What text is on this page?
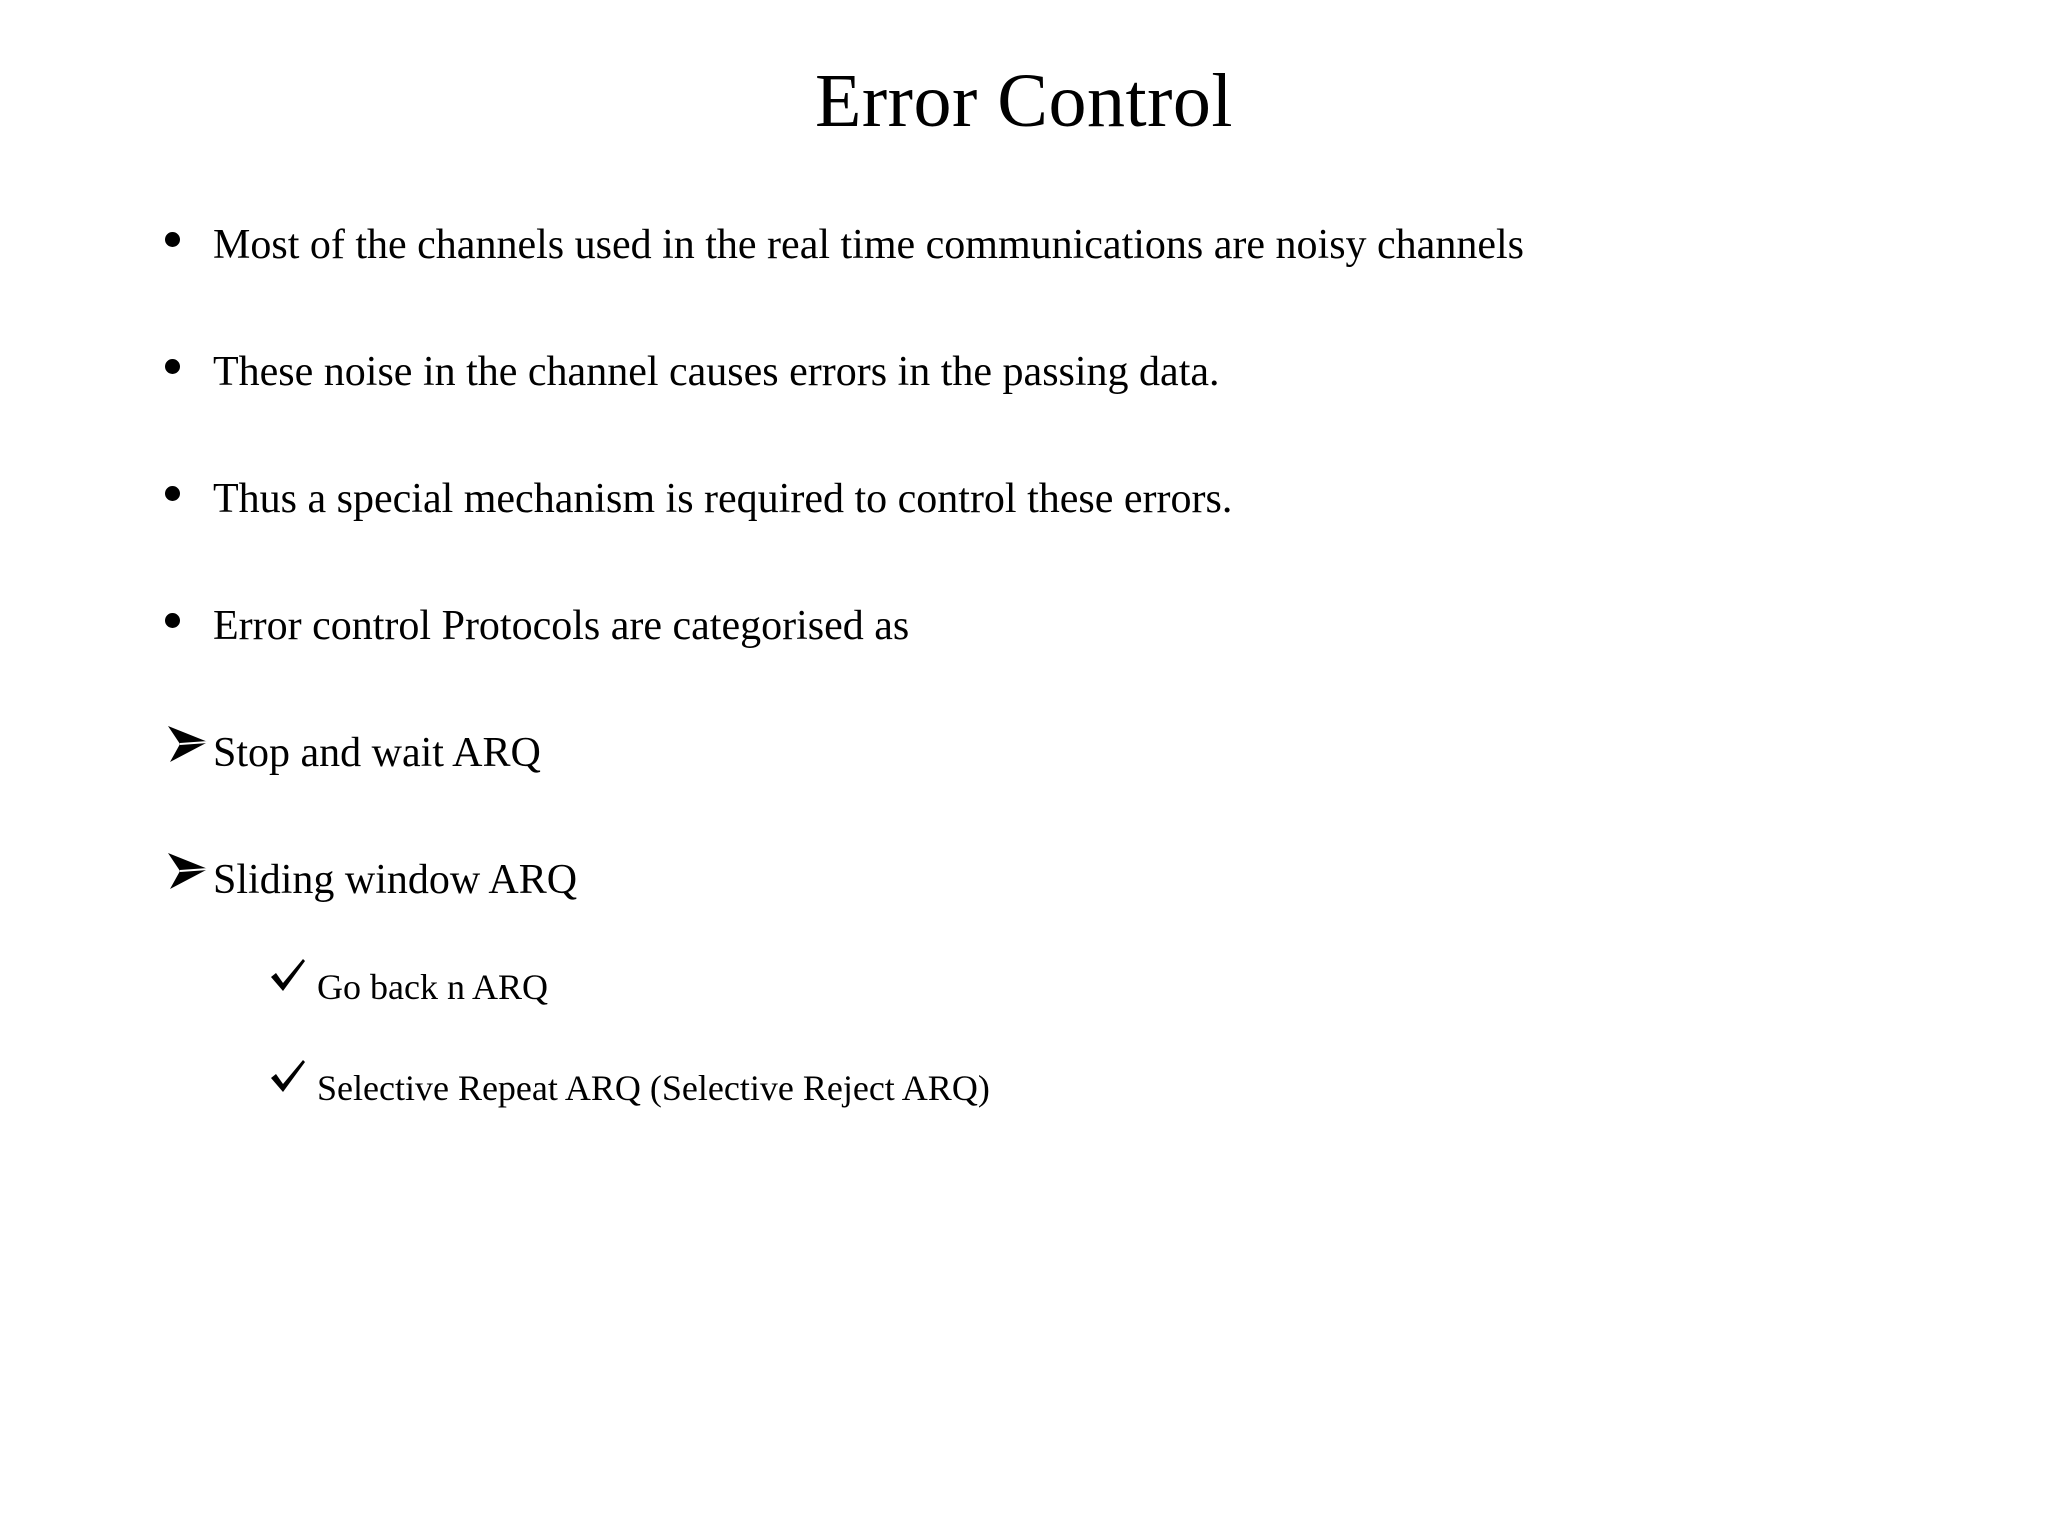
Error Control
Most of the channels used in the real time communications are noisy channels
These noise in the channel causes errors in the passing data.
Thus a special mechanism is required to control these errors.
Error control Protocols are categorised as
Stop and wait ARQ
Sliding window ARQ
Go back n ARQ
Selective Repeat ARQ (Selective Reject ARQ)
